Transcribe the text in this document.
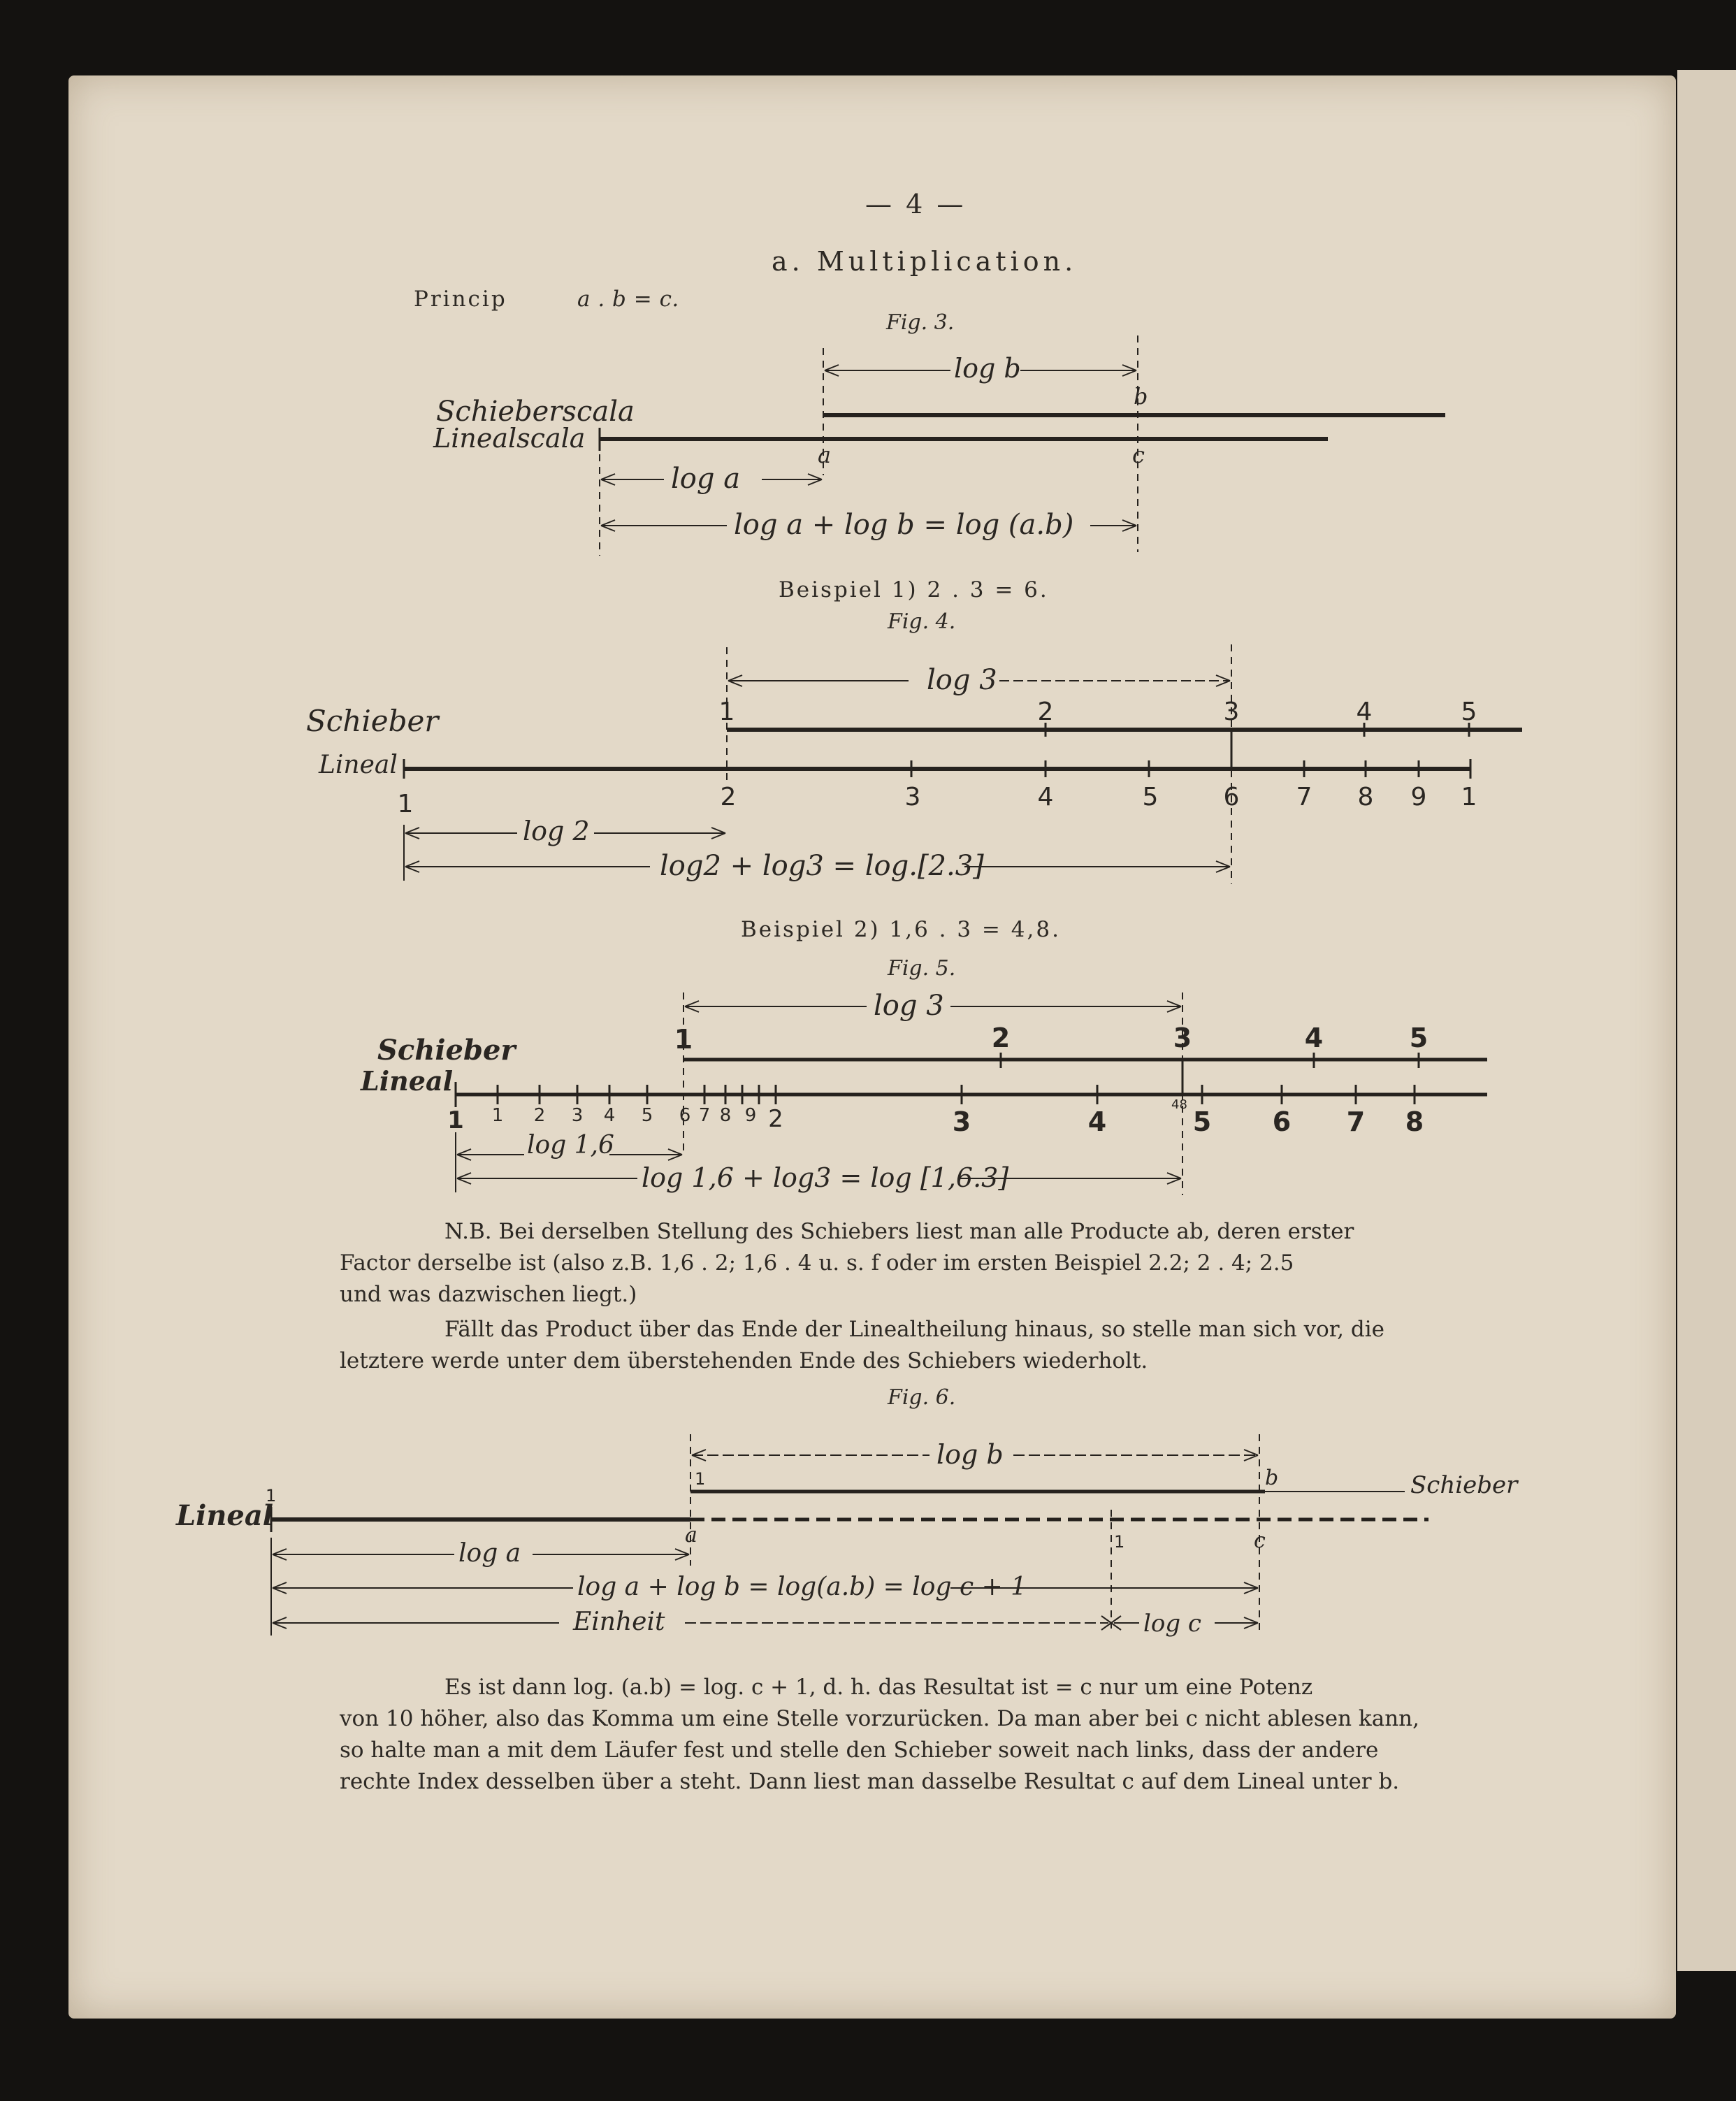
— 4 —
a. Multiplication.
Princip	a . b = c.
Fig. 3.
Schieberscala
Linealscala
log b
b
a	c
log a
log a + log b = log (a.b)
Beispiel 1) 2 . 3 = 6.
Fig. 4.
Schieber
Lineal
log 3
log 2
log2 + log3 = log.[2.3]
1	2	3	4	5
1	2	3	4	5	6 7 8 9 1
Beispiel 2) 1,6 . 3 = 4,8.
Fig. 5.
Schieber
Lineal
log 3
log 1,6
log 1,6 + log3 = log [1,6.3]
48
1	2	3	4	5
1 1 2 3 4 5 6 7 8 9 2	3	4	5 6 7 8
N.B. Bei derselben Stellung des Schiebers liest man alle Producte ab, deren erster
Factor derselbe ist (also z.B. 1,6 . 2; 1,6 . 4 u. s. f oder im ersten Beispiel 2.2; 2 . 4; 2.5
und was dazwischen liegt.)
Fällt das Product über das Ende der Linealtheilung hinaus, so stelle man sich vor, die
letztere werde unter dem überstehenden Ende des Schiebers wiederholt.
Fig. 6.
Lineal
Schieber
1
1
1
b
a	c
log b
log a
log a + log b = log(a.b) = log c + 1
Einheit	log c
Es ist dann log. (a.b) = log. c + 1, d. h. das Resultat ist = c nur um eine Potenz
von 10 höher, also das Komma um eine Stelle vorzurücken. Da man aber bei c nicht ablesen kann,
so halte man a mit dem Läufer fest und stelle den Schieber soweit nach links, dass der andere
rechte Index desselben über a steht. Dann liest man dasselbe Resultat c auf dem Lineal unter b.
